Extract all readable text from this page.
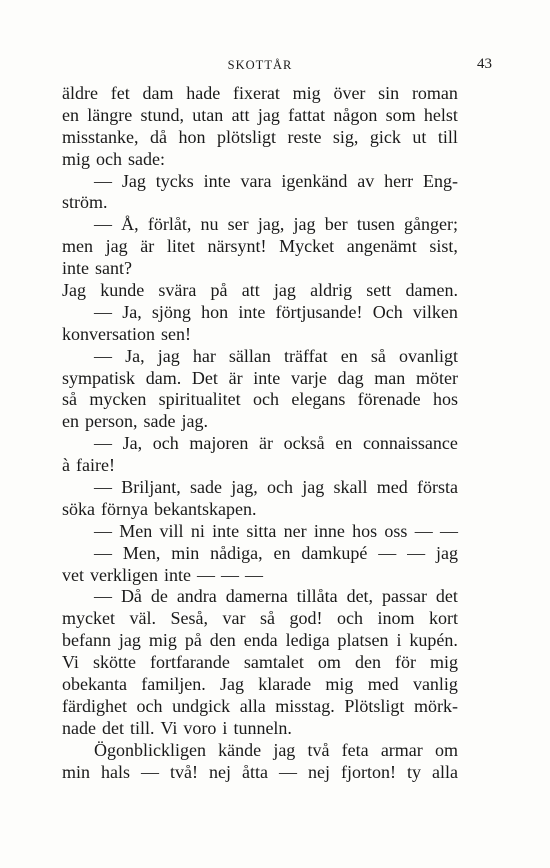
SKOTTÅR	43
äldre fet dam hade fixerat mig över sin roman
en längre stund, utan att jag fattat någon som helst
misstanke, då hon plötsligt reste sig, gick ut till
mig och sade:
— Jag tycks inte vara igenkänd av herr Eng-
ström.
— Å, förlåt, nu ser jag, jag ber tusen gånger;
men jag är litet närsynt! Mycket angenämt sist,
inte sant?
Jag kunde svära på att jag aldrig sett damen.
— Ja, sjöng hon inte förtjusande! Och vilken
konversation sen!
— Ja, jag har sällan träffat en så ovanligt
sympatisk dam. Det är inte varje dag man möter
så mycken spiritualitet och elegans förenade hos
en person, sade jag.
— Ja, och majoren är också en connaissance
à faire!
— Briljant, sade jag, och jag skall med första
söka förnya bekantskapen.
— Men vill ni inte sitta ner inne hos oss — —
— Men, min nådiga, en damkupé — — jag
vet verkligen inte — — —
— Då de andra damerna tillåta det, passar det
mycket väl. Seså, var så god! och inom kort
befann jag mig på den enda lediga platsen i kupén.
Vi skötte fortfarande samtalet om den för mig
obekanta familjen. Jag klarade mig med vanlig
färdighet och undgick alla misstag. Plötsligt mörk-
nade det till. Vi voro i tunneln.
Ögonblickligen kände jag två feta armar om
min hals — två! nej åtta — nej fjorton! ty alla
